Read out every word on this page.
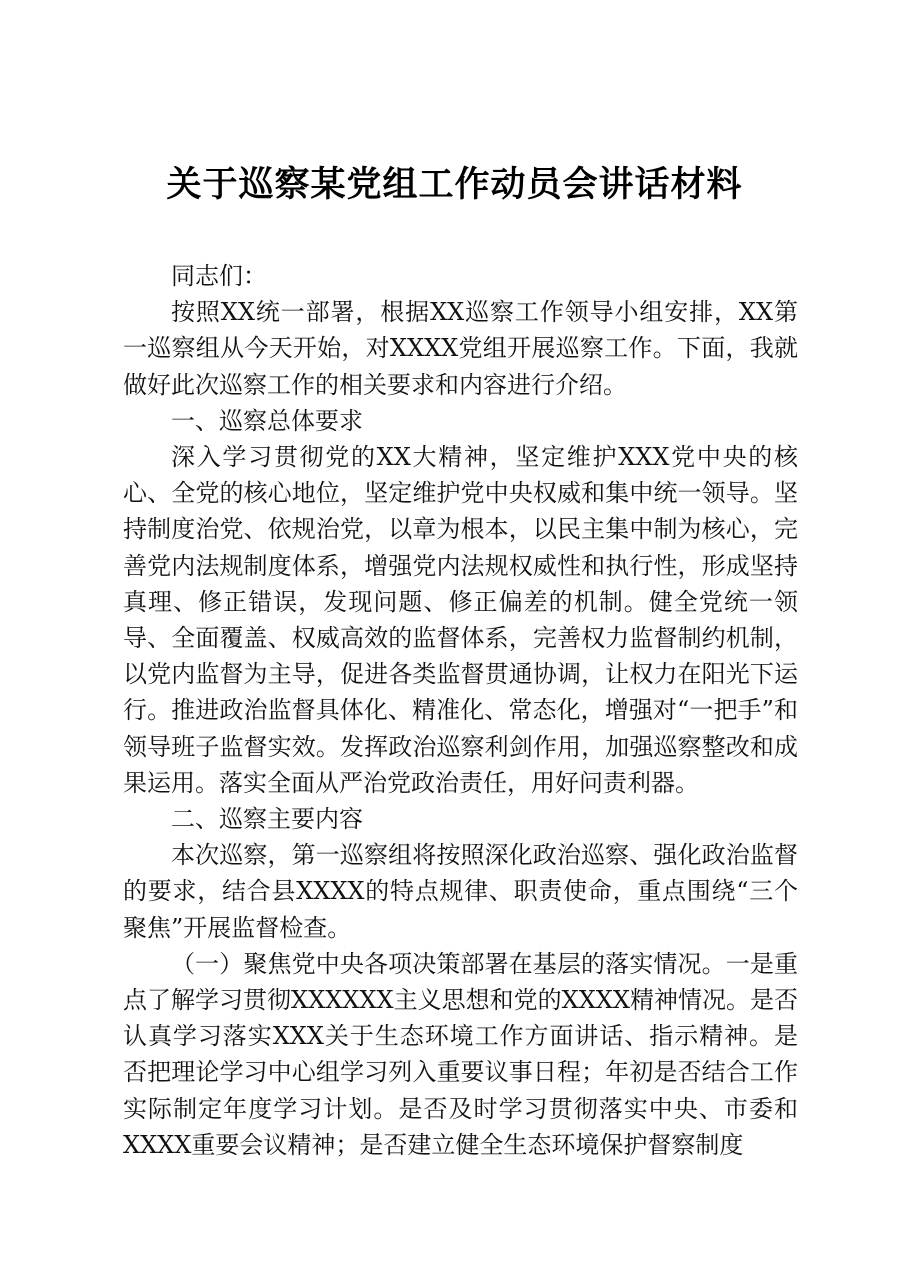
关于巡察某党组工作动员会讲话材料

同志们：

按照XX统一部署，根据XX巡察工作领导小组安排，XX第一巡察组从今天开始，对XXXX党组开展巡察工作。下面，我就做好此次巡察工作的相关要求和内容进行介绍。

一、巡察总体要求

深入学习贯彻党的XX大精神，坚定维护XXX党中央的核心、全党的核心地位，坚定维护党中央权威和集中统一领导。坚持制度治党、依规治党，以章为根本，以民主集中制为核心，完善党内法规制度体系，增强党内法规权威性和执行性，形成坚持真理、修正错误，发现问题、修正偏差的机制。健全党统一领导、全面覆盖、权威高效的监督体系，完善权力监督制约机制，以党内监督为主导，促进各类监督贯通协调，让权力在阳光下运行。推进政治监督具体化、精准化、常态化，增强对“一把手”和领导班子监督实效。发挥政治巡察利剑作用，加强巡察整改和成果运用。落实全面从严治党政治责任，用好问责利器。

二、巡察主要内容

本次巡察，第一巡察组将按照深化政治巡察、强化政治监督的要求，结合县XXXX的特点规律、职责使命，重点围绕“三个聚焦”开展监督检查。

（一）聚焦党中央各项决策部署在基层的落实情况。一是重点了解学习贯彻XXXXXX主义思想和党的XXXX精神情况。是否认真学习落实XXX关于生态环境工作方面讲话、指示精神。是否把理论学习中心组学习列入重要议事日程；年初是否结合工作实际制定年度学习计划。是否及时学习贯彻落实中央、市委和XXXX重要会议精神；是否建立健全生态环境保护督察制度
